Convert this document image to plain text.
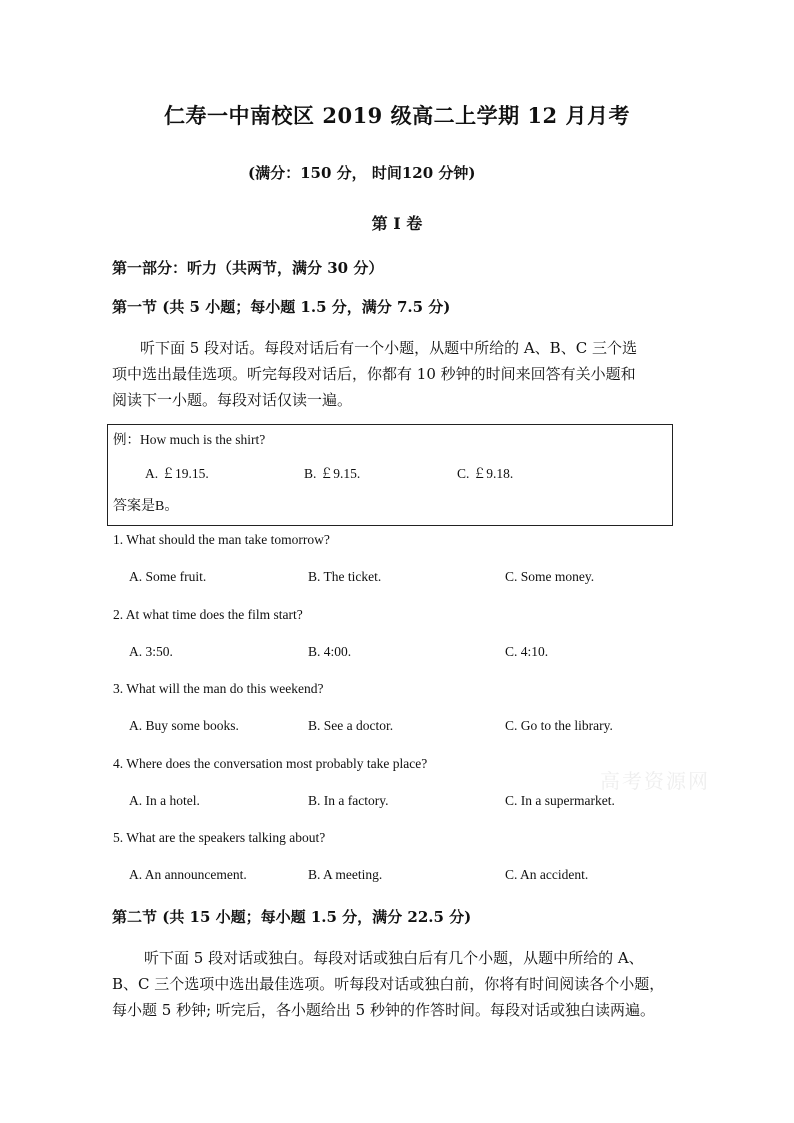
仁寿一中南校区 2019 级高二上学期 12 月月考
(满分：150 分， 时间120 分钟)
第 I 卷
第一部分：听力（共两节，满分 30 分）
第一节 (共 5 小题；每小题 1.5 分，满分 7.5 分)
听下面 5 段对话。每段对话后有一个小题，从题中所给的 A、B、C 三个选
项中选出最佳选项。听完每段对话后，你都有 10 秒钟的时间来回答有关小题和
阅读下一小题。每段对话仅读一遍。
例：How much is the shirt?
A. ￡19.15.	B. ￡9.15.	C. ￡9.18.
答案是B。
1. What should the man take tomorrow?
A. Some fruit.	B. The ticket.	C. Some money.
2. At what time does the film start?
A. 3:50.	B. 4:00.	C. 4:10.
3. What will the man do this weekend?
A. Buy some books.	B. See a doctor.	C. Go to the library.
4. Where does the conversation most probably take place?
A. In a hotel.	B. In a factory.	C. In a supermarket.
5. What are the speakers talking about?
A. An announcement.	B. A meeting.	C. An accident.
第二节 (共 15 小题；每小题 1.5 分，满分 22.5 分)
听下面 5 段对话或独白。每段对话或独白后有几个小题，从题中所给的 A、
B、C 三个选项中选出最佳选项。听每段对话或独白前，你将有时间阅读各个小题，
每小题 5 秒钟; 听完后，各小题给出 5 秒钟的作答时间。每段对话或独白读两遍。
高考资源网
